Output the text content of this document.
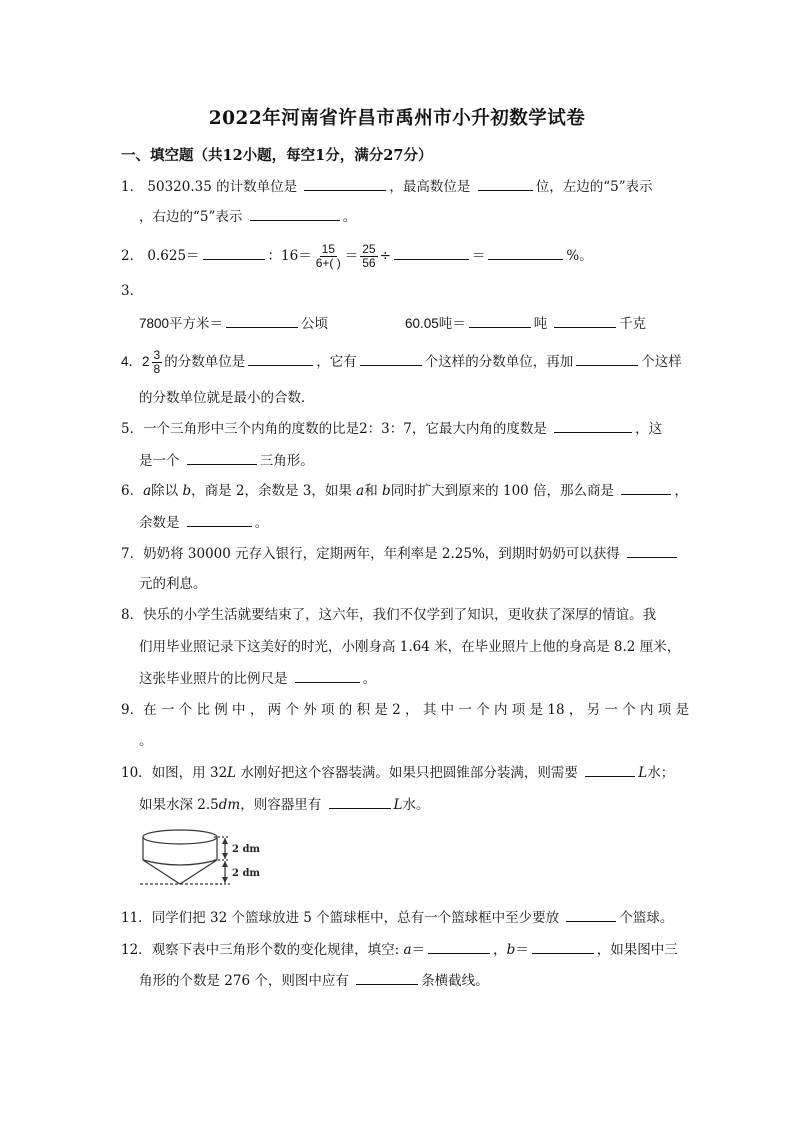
2022年河南省许昌市禹州市小升初数学试卷
一、填空题（共12小题，每空1分，满分27分）
1． 50320.35 的计数单位是	，最高数位是	位，左边的“5”表示
，右边的“5”表示	。
2． 0.625＝	：$16= \frac{15}{6+( )} = \frac{25}{56}$ ÷	＝	%。
3．
7800平方米＝	公顷	60.05吨＝	吨	千克
4．$2 \frac{3}{8}$ 的分数单位是	，它有	个这样的分数单位，再加	个这样
的分数单位就是最小的合数．
5．一个三角形中三个内角的度数的比是2：3：7，它最大内角的度数是	，这
是一个	三角形。
6．a除以 b，商是 2，余数是 3，如果 a和 b同时扩大到原来的 100 倍，那么商是	，
余数是	。
7．奶奶将 30000 元存入银行，定期两年，年利率是 2.25%，到期时奶奶可以获得
元的利息。
8．快乐的小学生活就要结束了，这六年，我们不仅学到了知识，更收获了深厚的情谊。我
们用毕业照记录下这美好的时光，小刚身高 1.64 米，在毕业照片上他的身高是 8.2 厘米，
这张毕业照片的比例尺是	。
9．在 一 个 比 例 中 ， 两 个 外 项 的 积 是 2 ， 其 中 一 个 内 项 是 18 ， 另 一 个 内 项 是
。
10．如图，用 32L 水刚好把这个容器装满。如果只把圆锥部分装满，则需要	L水；
如果水深 2.5dm，则容器里有	L水。
2 dm
2 dm
11．同学们把 32 个篮球放进 5 个篮球框中，总有一个篮球框中至少要放	个篮球。
12．观察下表中三角形个数的变化规律，填空: a＝	，b＝	，如果图中三
角形的个数是 276 个，则图中应有	条横截线。
